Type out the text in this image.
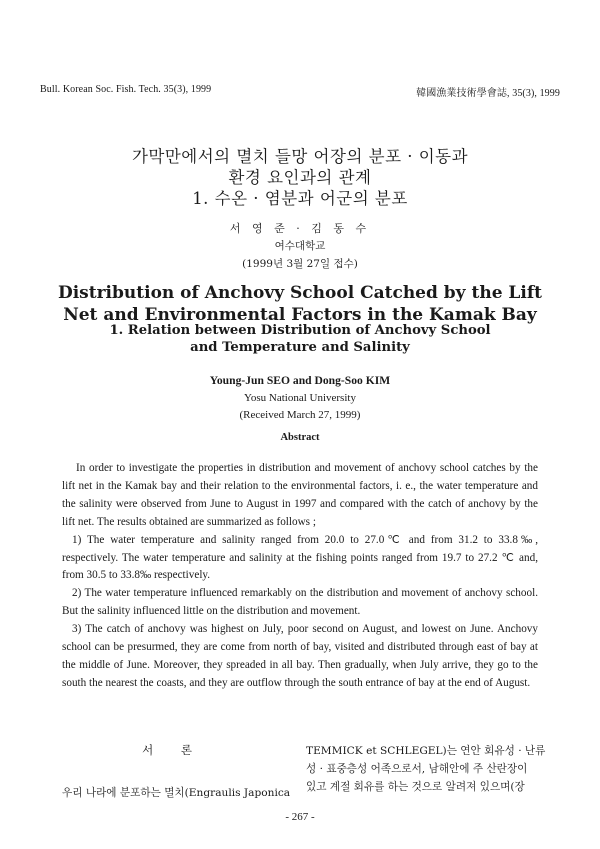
Bull. Korean Soc. Fish. Tech. 35(3), 1999	韓國漁業技術學會誌, 35(3), 1999
가막만에서의 멸치 들망 어장의 분포 · 이동과
환경 요인과의 관계
1. 수온 · 염분과 어군의 분포
서 영 준 · 김 동 수
여수대학교
(1999년 3월 27일 접수)
Distribution of Anchovy School Catched by the Lift
Net and Environmental Factors in the Kamak Bay
1. Relation between Distribution of Anchovy School
and Temperature and Salinity
Young-Jun SEO and Dong-Soo KIM
Yosu National University
(Received March 27, 1999)
Abstract

In order to investigate the properties in distribution and movement of anchovy school catches by the lift net in the Kamak bay and their relation to the environmental factors, i. e., the water temperature and the salinity were observed from June to August in 1997 and compared with the catch of anchovy by the lift net. The results obtained are summarized as follows ;

1) The water temperature and salinity ranged from 20.0 to 27.0℃ and from 31.2 to 33.8‰, respectively. The water temperature and salinity at the fishing points ranged from 19.7 to 27.2 ℃ and, from 30.5 to 33.8‰ respectively.

2) The water temperature influenced remarkably on the distribution and movement of anchovy school. But the salinity influenced little on the distribution and movement.

3) The catch of anchovy was highest on July, poor second on August, and lowest on June. Anchovy school can be presurmed, they are come from north of bay, visited and distributed through east of bay at the middle of June. Moreover, they spreaded in all bay. Then gradually, when July arrive, they go to the south the nearest the coasts, and they are outflow through the south entrance of bay at the end of August.

서 론
우리 나라에 분포하는 멸치(Engraulis Japonica
TEMMICK et SCHLEGEL)는 연안 회유성 · 난류
성 · 표중층성 어족으로서, 남해안에 주 산란장이
있고 계절 회유를 하는 것으로 알려져 있으며(장
- 267 -
